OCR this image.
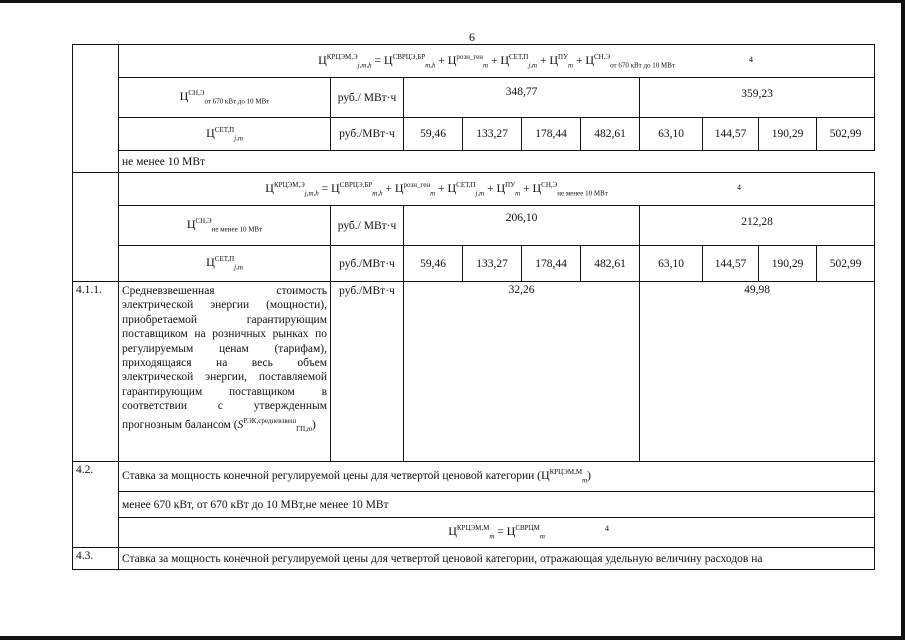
6
	$Ц^{КРЦЭМ,Э}_{j,m,h} = Ц^{СВРЦЭ,БР}_{m,h} + Ц^{розн\_ген}_m + Ц^{СЕТ,П}_{j,m} + Ц^{ПУ}_m + Ц^{СН,Э}_{от 670 кВт до 10 МВт}$
4									

	$Ц^{СН,Э}_{от 670 кВт до 10 МВт}$	руб./ МВт·ч	348,77				359,23			
	$Ц^{СЕТ,П}_{j,m}$	руб./МВт·ч	59,46	133,27	178,44	482,61	63,10	144,57	190,29	502,99
	не менее 10 МВт									
	$Ц^{КРЦЭМ,Э}_{j,m,h} = Ц^{СВРЦЭ,БР}_{m,h} + Ц^{розн\_ген}_m + Ц^{СЕТ,П}_{j,m} + Ц^{ПУ}_m + Ц^{СН,Э}_{не менее 10 МВт}$
4									

	$Ц^{СН,Э}_{не менее 10 МВт}$	руб./ МВт·ч	206,10				212,28			
	$Ц^{СЕТ,П}_{j,m}$	руб./МВт·ч	59,46	133,27	178,44	482,61	63,10	144,57	190,29	502,99
4.1.1.	Средневзвешенная стоимость электрической энергии (мощности), приобретаемой гарантирующим поставщиком на розничных рынках по регулируемым ценам (тарифам), приходящаяся на весь объем электрической энергии, поставляемой гарантирующим поставщиком в соответствии с утвержденным прогнозным балансом $(S^{РЭК,средневзвеш}_{ГП,m})$	руб./МВт·ч	32,26				49,98			
4.2.	Ставка за мощность конечной регулируемой цены для четвертой ценовой категории $(Ц^{КРЦЭМ,М}_m)$									
	менее 670 кВт, от 670 кВт до 10 МВт,не менее 10 МВт									
	$Ц^{КРЦЭМ,М}_m = Ц^{СВРЦМ}_m$
4									

4.3.	Ставка за мощность конечной регулируемой цены для четвертой ценовой категории, отражающая удельную величину расходов на									
